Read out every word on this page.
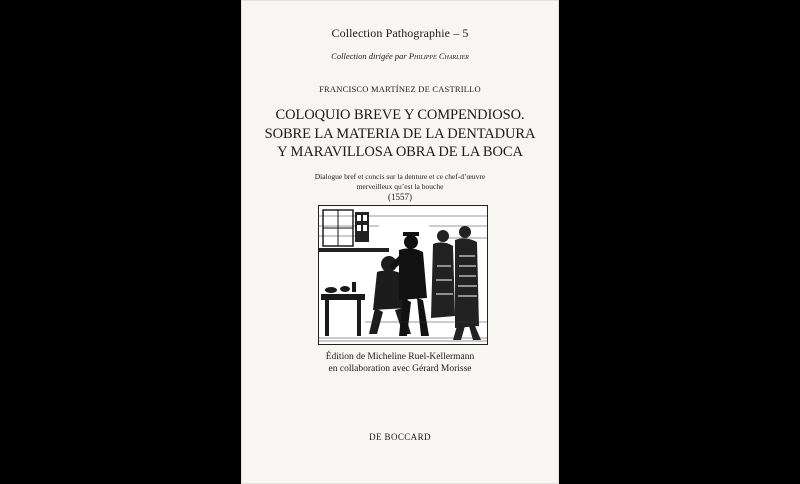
Collection Pathographie – 5
Collection dirigée par Philippe Charlier
FRANCISCO MARTÍNEZ DE CASTRILLO
COLOQUIO BREVE Y COMPENDIOSO.
SOBRE LA MATERIA DE LA DENTADURA
Y MARAVILLOSA OBRA DE LA BOCA
Dialogue bref et concis sur la denture et ce chef-d’œuvre
merveilleux qu’est la bouche
(1557)
Édition de Micheline Ruel-Kellermann
en collaboration avec Gérard Morisse
DE BOCCARD
